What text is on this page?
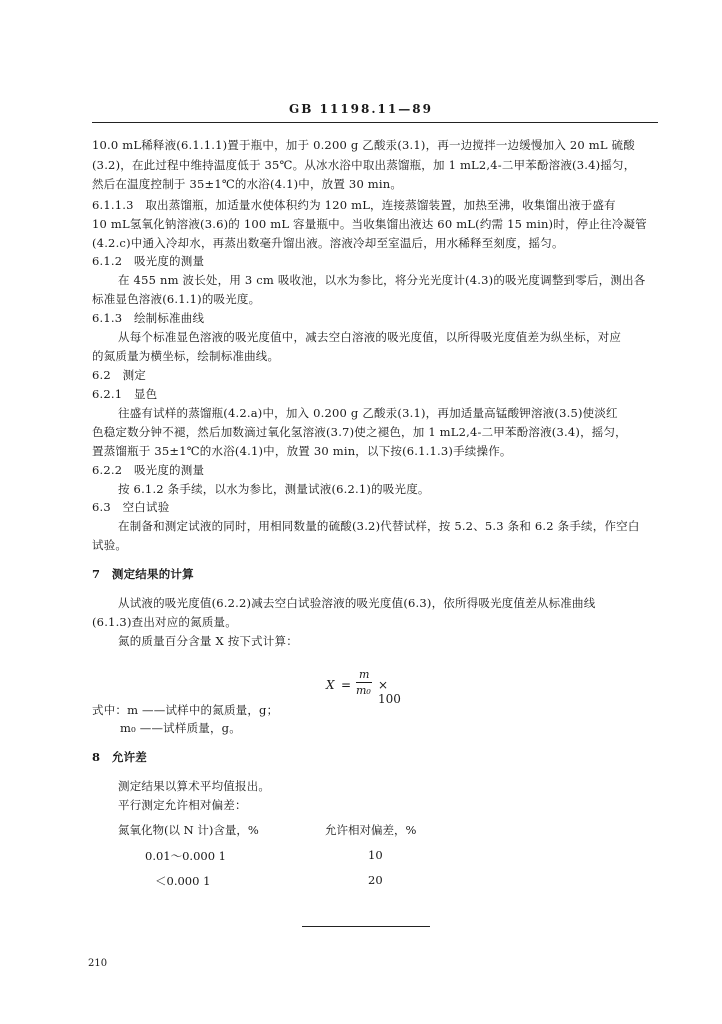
GB 11198.11—89
10.0 mL稀释液(6.1.1.1)置于瓶中，加于 0.200 g 乙酸汞(3.1)，再一边搅拌一边缓慢加入 20 mL 硫酸
(3.2)，在此过程中维持温度低于 35℃。从冰水浴中取出蒸馏瓶，加 1 mL2,4-二甲苯酚溶液(3.4)摇匀，
然后在温度控制于 35±1℃的水浴(4.1)中，放置 30 min。
6.1.1.3　取出蒸馏瓶，加适量水使体积约为 120 mL，连接蒸馏装置，加热至沸，收集馏出液于盛有
10 mL氢氧化钠溶液(3.6)的 100 mL 容量瓶中。当收集馏出液达 60 mL(约需 15 min)时，停止往冷凝管
(4.2.c)中通入冷却水，再蒸出数毫升馏出液。溶液冷却至室温后，用水稀释至刻度，摇匀。
6.1.2　吸光度的测量
在 455 nm 波长处，用 3 cm 吸收池，以水为参比，将分光光度计(4.3)的吸光度调整到零后，测出各
标准显色溶液(6.1.1)的吸光度。
6.1.3　绘制标准曲线
从每个标准显色溶液的吸光度值中，减去空白溶液的吸光度值，以所得吸光度值差为纵坐标，对应
的氮质量为横坐标，绘制标准曲线。
6.2　测定
6.2.1　显色
往盛有试样的蒸馏瓶(4.2.a)中，加入 0.200 g 乙酸汞(3.1)，再加适量高锰酸钾溶液(3.5)使淡红
色稳定数分钟不褪，然后加数滴过氧化氢溶液(3.7)使之褪色，加 1 mL2,4-二甲苯酚溶液(3.4)，摇匀，
置蒸馏瓶于 35±1℃的水浴(4.1)中，放置 30 min，以下按(6.1.1.3)手续操作。
6.2.2　吸光度的测量
按 6.1.2 条手续，以水为参比，测量试液(6.2.1)的吸光度。
6.3　空白试验
在制备和测定试液的同时，用相同数量的硫酸(3.2)代替试样，按 5.2、5.3 条和 6.2 条手续，作空白
试验。
7　测定结果的计算
从试液的吸光度值(6.2.2)减去空白试验溶液的吸光度值(6.3)，依所得吸光度值差从标准曲线
(6.1.3)查出对应的氮质量。
氮的质量百分含量 X 按下式计算：
X =
m
m₀ × 100
式中：m ——试样中的氮质量，g；
m₀ ——试样质量，g。
8　允许差
测定结果以算术平均值报出。
平行测定允许相对偏差：
氮氧化物(以 N 计)含量，%	允许相对偏差，%
0.01～0.000 1	10
＜0.000 1	20
210
